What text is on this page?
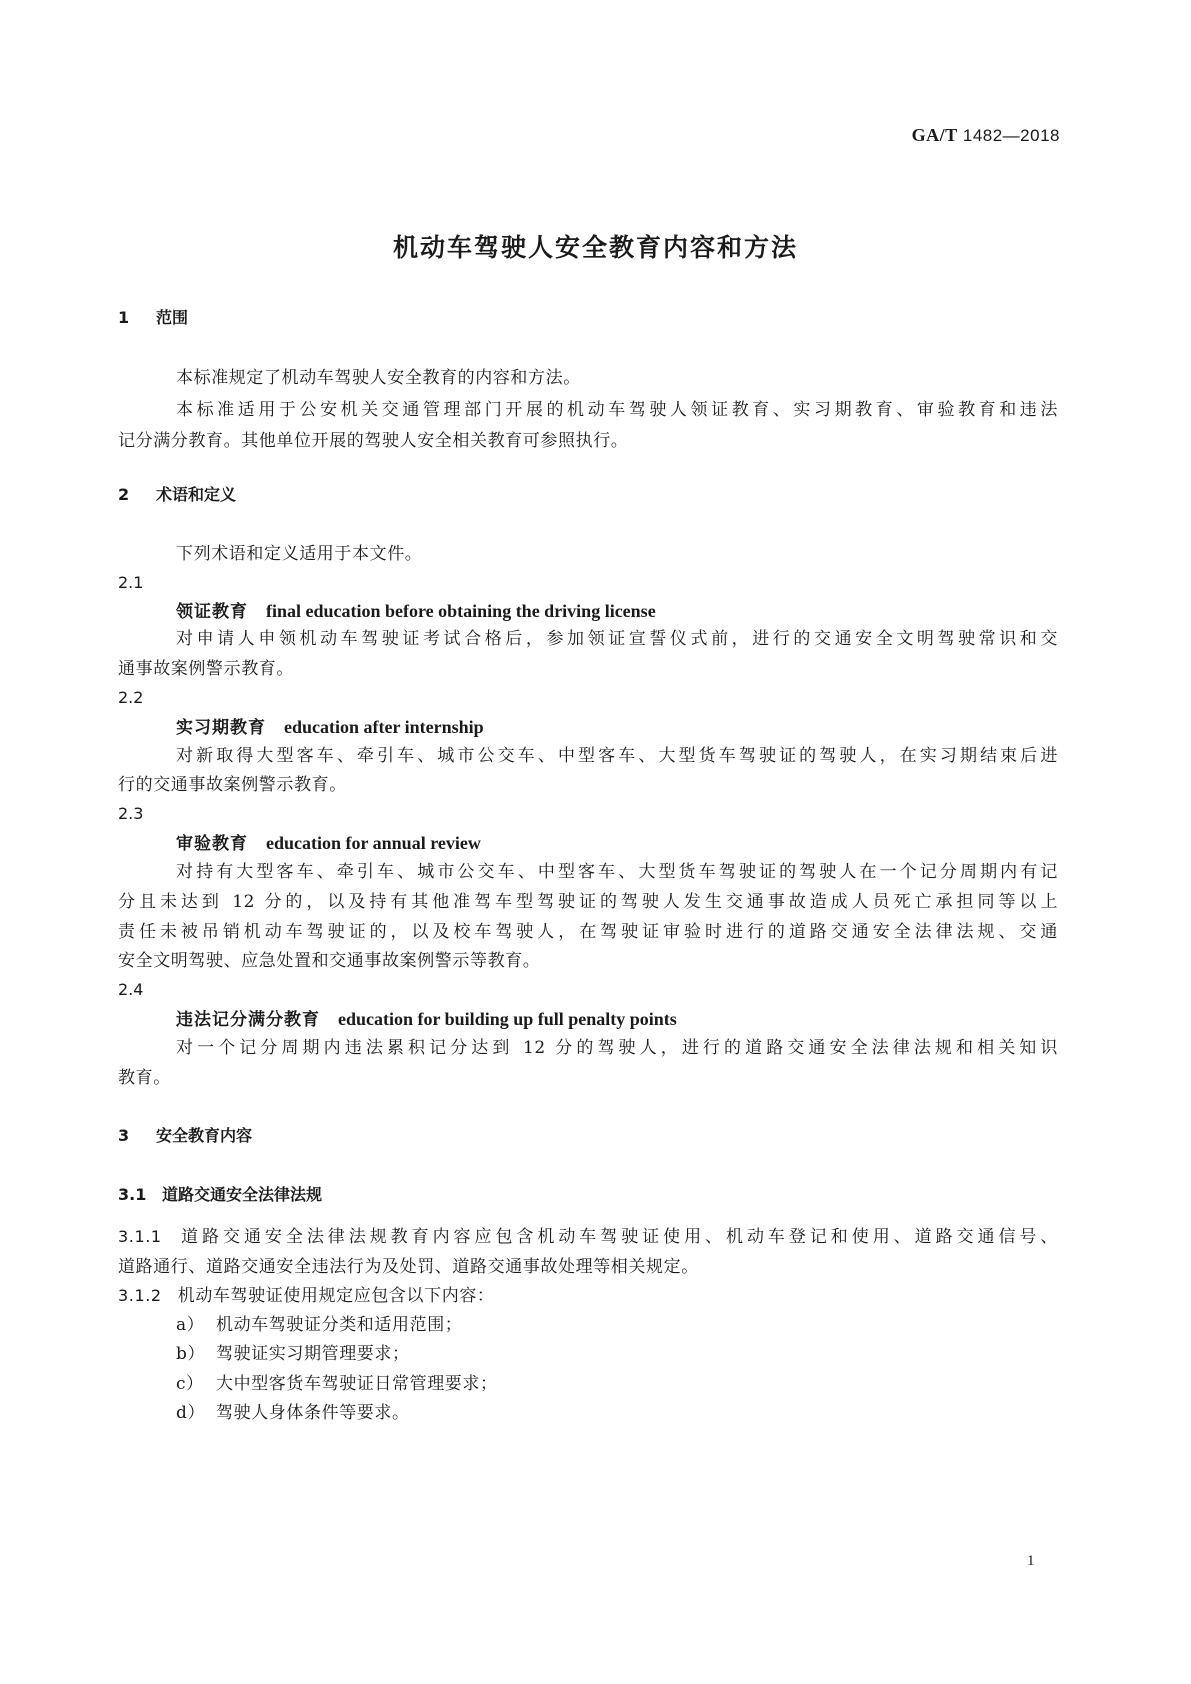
GA/T 1482—2018
机动车驾驶人安全教育内容和方法
1 范围
本标准规定了机动车驾驶人安全教育的内容和方法。
本标准适用于公安机关交通管理部门开展的机动车驾驶人领证教育、实习期教育、审验教育和违法
记分满分教育。其他单位开展的驾驶人安全相关教育可参照执行。
2 术语和定义
下列术语和定义适用于本文件。
2.1
领证教育 final education before obtaining the driving license
对申请人申领机动车驾驶证考试合格后，参加领证宣誓仪式前，进行的交通安全文明驾驶常识和交
通事故案例警示教育。
2.2
实习期教育 education after internship
对新取得大型客车、牵引车、城市公交车、中型客车、大型货车驾驶证的驾驶人，在实习期结束后进
行的交通事故案例警示教育。
2.3
审验教育 education for annual review
对持有大型客车、牵引车、城市公交车、中型客车、大型货车驾驶证的驾驶人在一个记分周期内有记
分且未达到 12 分的，以及持有其他准驾车型驾驶证的驾驶人发生交通事故造成人员死亡承担同等以上
责任未被吊销机动车驾驶证的，以及校车驾驶人，在驾驶证审验时进行的道路交通安全法律法规、交通
安全文明驾驶、应急处置和交通事故案例警示等教育。
2.4
违法记分满分教育 education for building up full penalty points
对一个记分周期内违法累积记分达到 12 分的驾驶人，进行的道路交通安全法律法规和相关知识
教育。
3 安全教育内容
3.1 道路交通安全法律法规
3.1.1 道路交通安全法律法规教育内容应包含机动车驾驶证使用、机动车登记和使用、道路交通信号、
道路通行、道路交通安全违法行为及处罚、道路交通事故处理等相关规定。
3.1.2 机动车驾驶证使用规定应包含以下内容：
a） 机动车驾驶证分类和适用范围；
b） 驾驶证实习期管理要求；
c） 大中型客货车驾驶证日常管理要求；
d） 驾驶人身体条件等要求。
1
